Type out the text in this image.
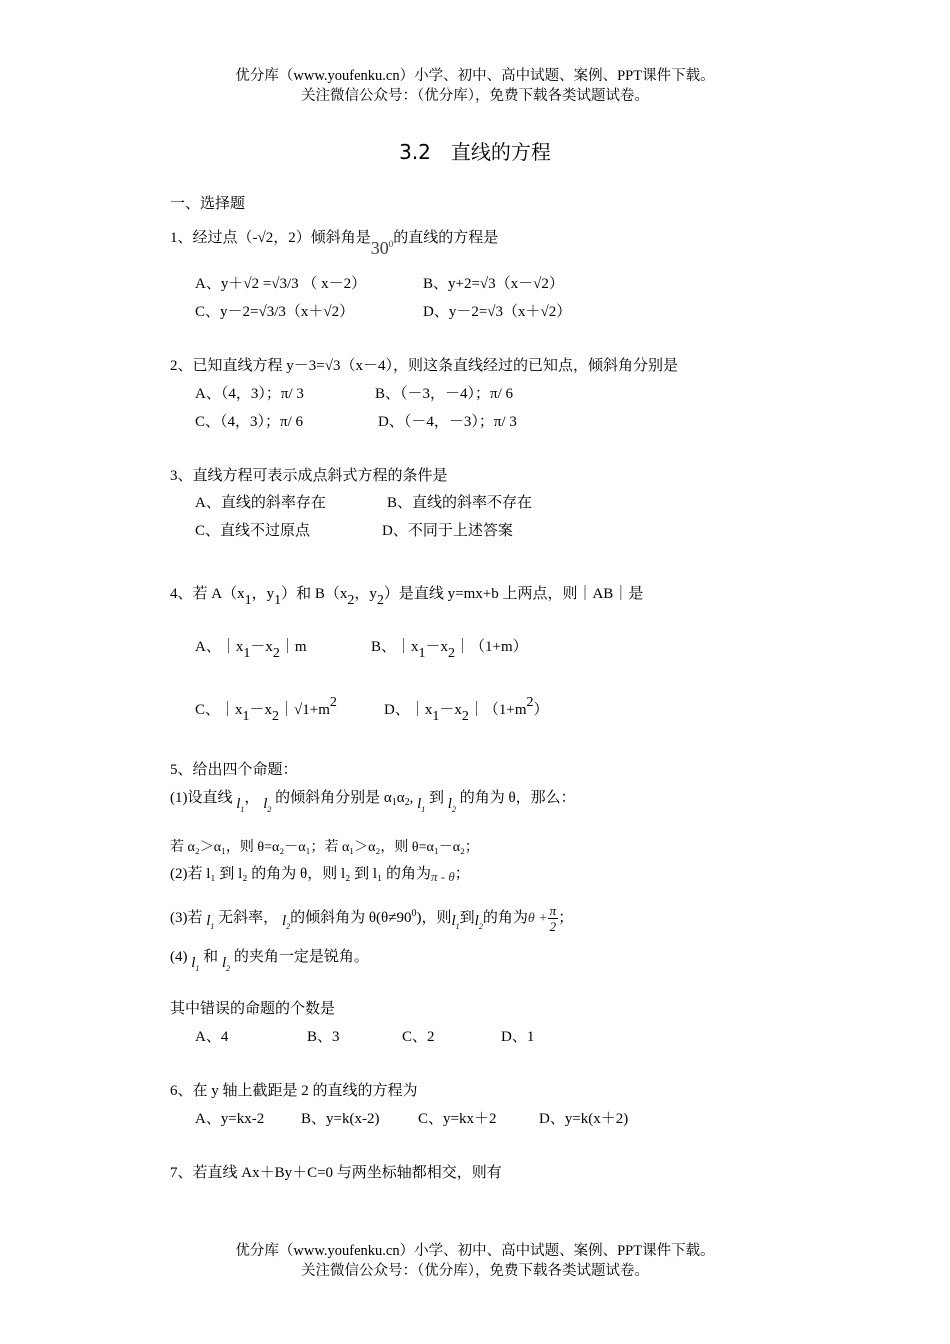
优分库（www.youfenku.cn）小学、初中、高中试题、案例、PPT课件下载。
关注微信公众号：（优分库），免费下载各类试题试卷。
3.2　直线的方程
一、选择题
1、经过点（-√2，2）倾斜角是$30^0$的直线的方程是
A、y＋√2 =√3/3 （ x－2）	B、y+2=√3（x－√2）
C、y－2=√3/3（x＋√2）	D、y－2=√3（x＋√2）
2、已知直线方程 y－3=√3（x－4），则这条直线经过的已知点，倾斜角分别是
A、（4，3）；π/ 3	B、（－3，－4）；π/ 6
C、（4，3）；π/ 6	D、（－4，－3）；π/ 3
3、直线方程可表示成点斜式方程的条件是
A、直线的斜率存在	B、直线的斜率不存在
C、直线不过原点	D、不同于上述答案
4、若 $A(x_1$，$y_1$）和 $B(x_2$，$y_2$）是直线 y=mx+b 上两点，则｜AB｜是
A、$|x_1-x_2|m$	B、$|x_1-x_2|(1+m)$
C、$|x_1-x_2|√1+m^2$	D、$|x_1-x_2|(1+m^2)$
5、给出四个命题：
(1)设直线 $l_1$， $l_2$ 的倾斜角分别是 $\alpha_1\alpha_2$, $l_1$ 到 $l_2$ 的角为 θ，那么：
若 α₂＞α₁，则 θ=α₂－α₁；若 α₁＞α₂，则 θ=α₁－α₂；
(2)若 l₁ 到 l₂ 的角为 θ，则 l₂ 到 l₁ 的角为π - θ；
(3)若 $l_1$ 无斜率， $l_2$的倾斜角为 $\theta(\theta\ne 90^0)$，则$l_1$到$l_2$的角为$\theta + \frac{\pi}{2}$ ；
(4) $l_1$ 和 $l_2$ 的夹角一定是锐角。
其中错误的命题的个数是
A、4	B、3	C、2	D、1
6、在 y 轴上截距是 2 的直线的方程为
A、y=kx-2 B、y=k(x-2)	C、y=kx＋2	D、y=k(x＋2)
7、若直线 Ax＋By＋C=0 与两坐标轴都相交，则有
优分库（www.youfenku.cn）小学、初中、高中试题、案例、PPT课件下载。
关注微信公众号：（优分库），免费下载各类试题试卷。
